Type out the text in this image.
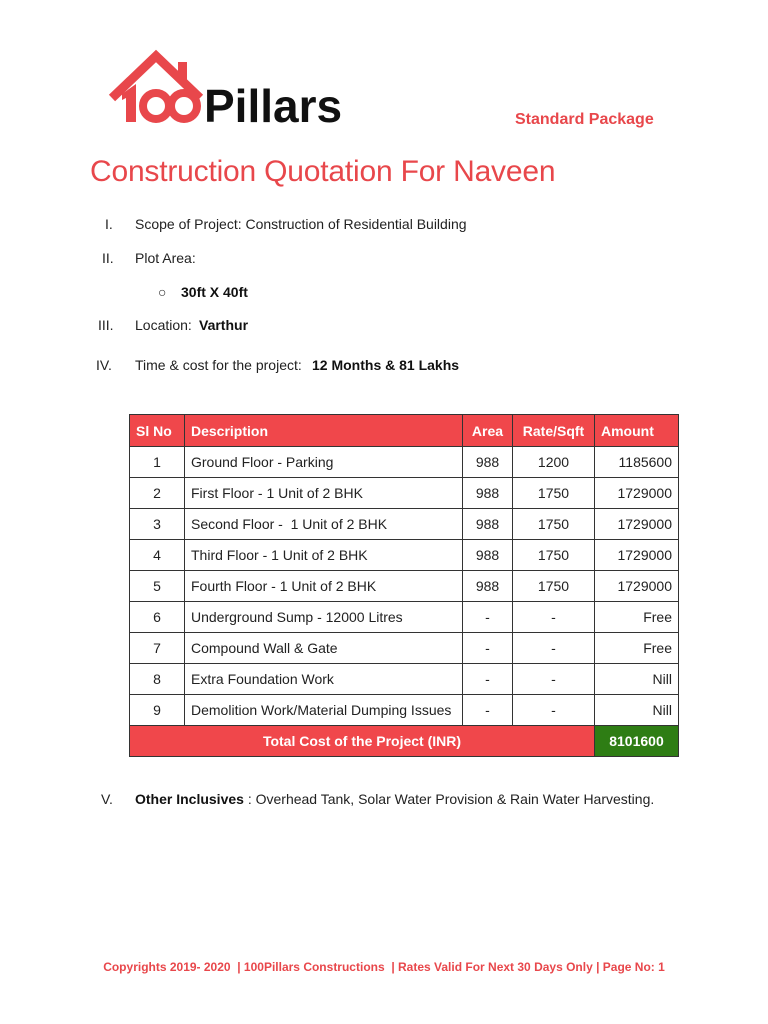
Pillars	Standard Package
Construction Quotation For Naveen
I. Scope of Project: Construction of Residential Building
II. Plot Area:
○ 30ft X 40ft
III. Location: Varthur
IV. Time & cost for the project: 12 Months & 81 Lakhs
Sl No	Description	Area	Rate/Sqft	Amount
1	Ground Floor - Parking	988	1200	1185600
2	First Floor - 1 Unit of 2 BHK	988	1750	1729000
3	Second Floor -  1 Unit of 2 BHK	988	1750	1729000
4	Third Floor - 1 Unit of 2 BHK	988	1750	1729000
5	Fourth Floor - 1 Unit of 2 BHK	988	1750	1729000
6	Underground Sump - 12000 Litres	-	-	Free
7	Compound Wall & Gate	-	-	Free
8	Extra Foundation Work	-	-	Nill
9	Demolition Work/Material Dumping Issues	-	-	Nill
Total Cost of the Project (INR)				8101600
V. Other Inclusives : Overhead Tank, Solar Water Provision & Rain Water Harvesting.
Copyrights 2019- 2020  | 100Pillars Constructions  | Rates Valid For Next 30 Days Only | Page No: 1
